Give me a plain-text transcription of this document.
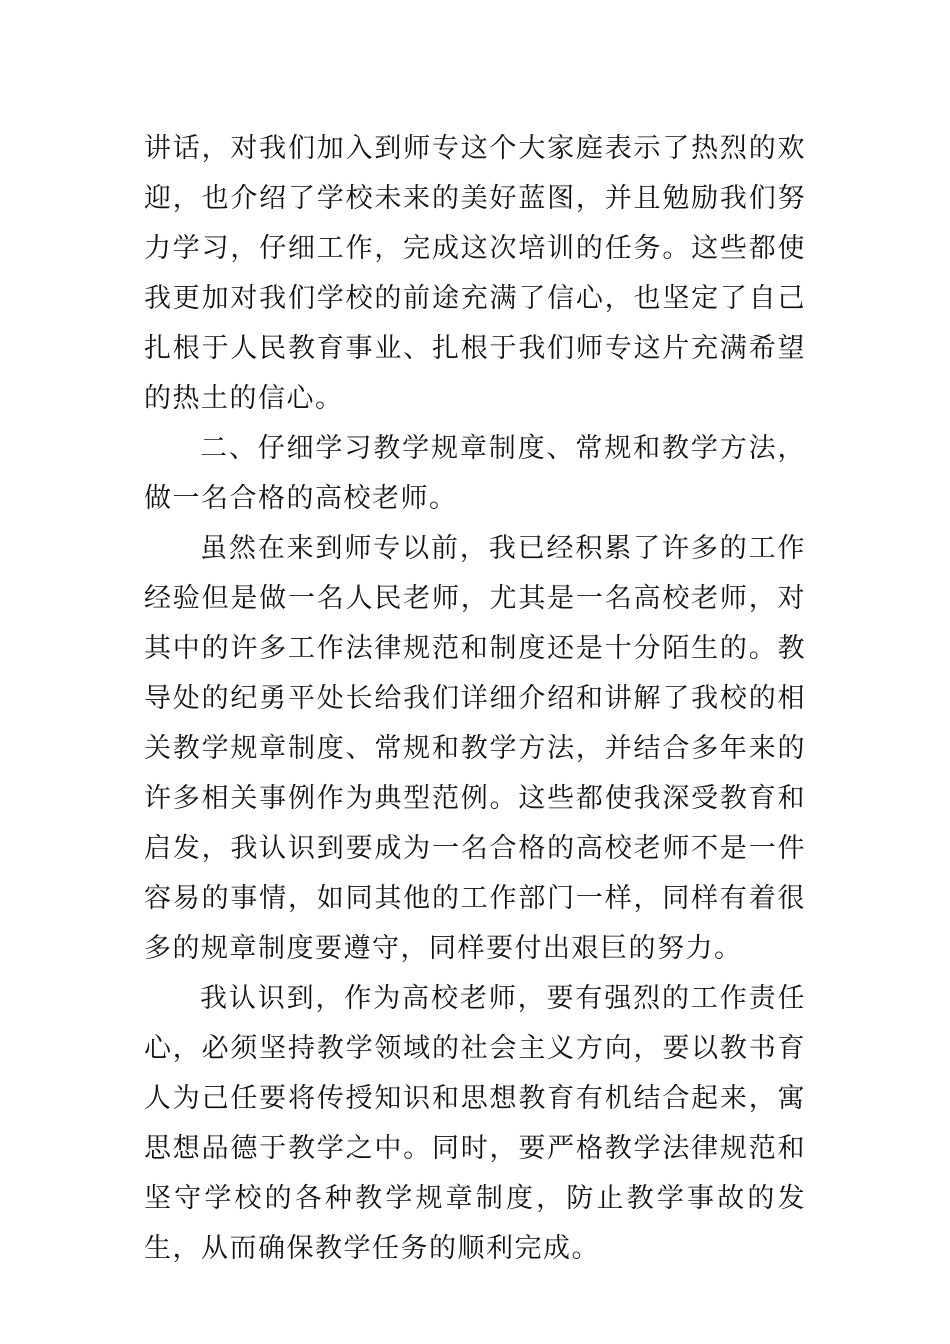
讲话，对我们加入到师专这个大家庭表示了热烈的欢迎，也介绍了学校未来的美好蓝图，并且勉励我们努力学习，仔细工作，完成这次培训的任务。这些都使我更加对我们学校的前途充满了信心，也坚定了自己扎根于人民教育事业、扎根于我们师专这片充满希望的热土的信心。

二、仔细学习教学规章制度、常规和教学方法，做一名合格的高校老师。

虽然在来到师专以前，我已经积累了许多的工作经验但是做一名人民老师，尤其是一名高校老师，对其中的许多工作法律规范和制度还是十分陌生的。教导处的纪勇平处长给我们详细介绍和讲解了我校的相关教学规章制度、常规和教学方法，并结合多年来的许多相关事例作为典型范例。这些都使我深受教育和启发，我认识到要成为一名合格的高校老师不是一件容易的事情，如同其他的工作部门一样，同样有着很多的规章制度要遵守，同样要付出艰巨的努力。

我认识到，作为高校老师，要有强烈的工作责任心，必须坚持教学领域的社会主义方向，要以教书育人为己任要将传授知识和思想教育有机结合起来，寓思想品德于教学之中。同时，要严格教学法律规范和坚守学校的各种教学规章制度，防止教学事故的发生，从而确保教学任务的顺利完成。
